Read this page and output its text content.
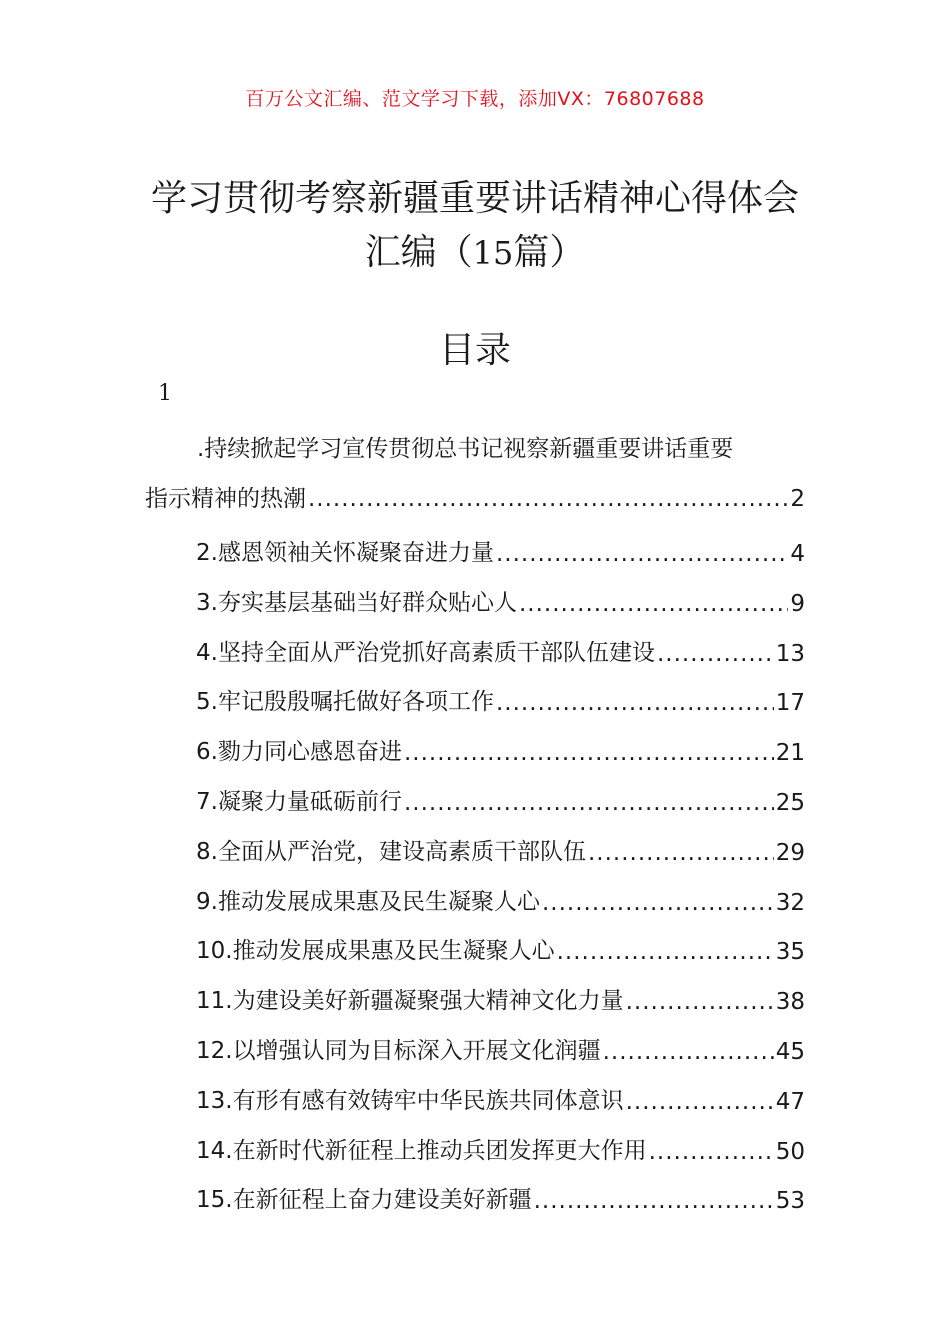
百万公文汇编、范文学习下载，添加VX：76807688
学习贯彻考察新疆重要讲话精神心得体会
汇编（15篇）
目录
1
.持续掀起学习宣传贯彻总书记视察新疆重要讲话重要
指示精神的热潮 .....	2
2.感恩领袖关怀凝聚奋进力量 .....	4
3.夯实基层基础当好群众贴心人 .....	9
4.坚持全面从严治党抓好高素质干部队伍建设 .....	13
5.牢记殷殷嘱托做好各项工作 .....	17
6.勠力同心感恩奋进 .....	21
7.凝聚力量砥砺前行 .....	25
8.全面从严治党，建设高素质干部队伍 .....	29
9.推动发展成果惠及民生凝聚人心 .....	32
10.推动发展成果惠及民生凝聚人心 .....	35
11.为建设美好新疆凝聚强大精神文化力量 .....	38
12.以增强认同为目标深入开展文化润疆 .....	45
13.有形有感有效铸牢中华民族共同体意识 .....	47
14.在新时代新征程上推动兵团发挥更大作用 .....	50
15.在新征程上奋力建设美好新疆 .....	53
